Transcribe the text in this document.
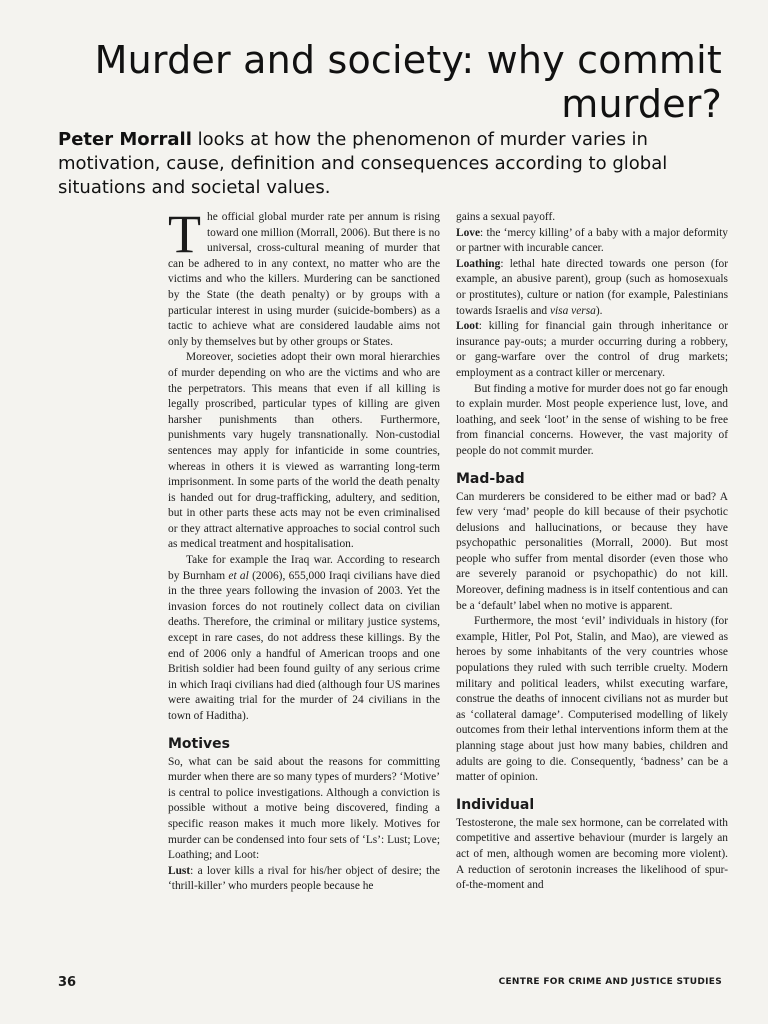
Murder and society: why commit murder?

Peter Morrall looks at how the phenomenon of murder varies in motivation, cause, definition and consequences according to global situations and societal values.

The official global murder rate per annum is rising toward one million (Morrall, 2006). But there is no universal, cross-cultural meaning of murder that can be adhered to in any context, no matter who are the victims and who the killers. Murdering can be sanctioned by the State (the death penalty) or by groups with a particular interest in using murder (suicide-bombers) as a tactic to achieve what are considered laudable aims not only by themselves but by other groups or States.

Moreover, societies adopt their own moral hierarchies of murder depending on who are the victims and who are the perpetrators. This means that even if all killing is legally proscribed, particular types of killing are given harsher punishments than others. Furthermore, punishments vary hugely transnationally. Non-custodial sentences may apply for infanticide in some countries, whereas in others it is viewed as warranting long-term imprisonment. In some parts of the world the death penalty is handed out for drug-trafficking, adultery, and sedition, but in other parts these acts may not be even criminalised or they attract alternative approaches to social control such as medical treatment and hospitalisation.

Take for example the Iraq war. According to research by Burnham et al (2006), 655,000 Iraqi civilians have died in the three years following the invasion of 2003. Yet the invasion forces do not routinely collect data on civilian deaths. Therefore, the criminal or military justice systems, except in rare cases, do not address these killings. By the end of 2006 only a handful of American troops and one British soldier had been found guilty of any serious crime in which Iraqi civilians had died (although four US marines were awaiting trial for the murder of 24 civilians in the town of Haditha).

Motives

So, what can be said about the reasons for committing murder when there are so many types of murders? ‘Motive’ is central to police investigations. Although a conviction is possible without a motive being discovered, finding a specific reason makes it much more likely. Motives for murder can be condensed into four sets of ‘Ls’: Lust; Love; Loathing; and Loot:

Lust: a lover kills a rival for his/her object of desire; the ‘thrill-killer’ who murders people because he

gains a sexual payoff.

Love: the ‘mercy killing’ of a baby with a major deformity or partner with incurable cancer.

Loathing: lethal hate directed towards one person (for example, an abusive parent), group (such as homosexuals or prostitutes), culture or nation (for example, Palestinians towards Israelis and visa versa).

Loot: killing for financial gain through inheritance or insurance pay-outs; a murder occurring during a robbery, or gang-warfare over the control of drug markets; employment as a contract killer or mercenary.

But finding a motive for murder does not go far enough to explain murder. Most people experience lust, love, and loathing, and seek ‘loot’ in the sense of wishing to be free from financial concerns. However, the vast majority of people do not commit murder.

Mad-bad

Can murderers be considered to be either mad or bad? A few very ‘mad’ people do kill because of their psychotic delusions and hallucinations, or because they have psychopathic personalities (Morrall, 2000). But most people who suffer from mental disorder (even those who are severely paranoid or psychopathic) do not kill. Moreover, defining madness is in itself contentious and can be a ‘default’ label when no motive is apparent.

Furthermore, the most ‘evil’ individuals in history (for example, Hitler, Pol Pot, Stalin, and Mao), are viewed as heroes by some inhabitants of the very countries whose populations they ruled with such terrible cruelty. Modern military and political leaders, whilst executing warfare, construe the deaths of innocent civilians not as murder but as ‘collateral damage’. Computerised modelling of likely outcomes from their lethal interventions inform them at the planning stage about just how many babies, children and adults are going to die. Consequently, ‘badness’ can be a matter of opinion.

Individual

Testosterone, the male sex hormone, can be correlated with competitive and assertive behaviour (murder is largely an act of men, although women are becoming more violent). A reduction of serotonin increases the likelihood of spur-of-the-moment and

36	CENTRE FOR CRIME AND JUSTICE STUDIES
